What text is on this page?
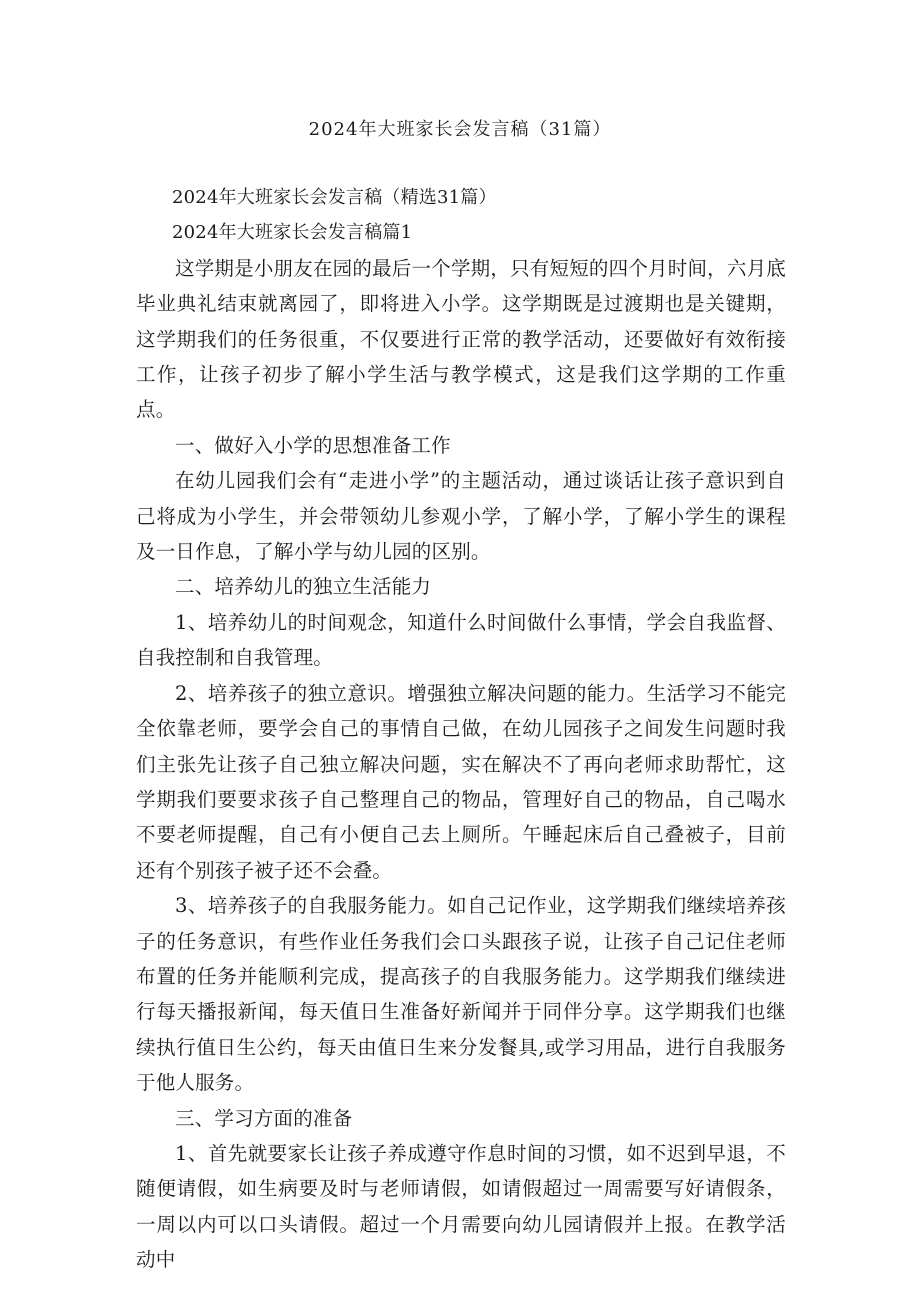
2024年大班家长会发言稿（31篇）

2024年大班家长会发言稿（精选31篇）

2024年大班家长会发言稿篇1

这学期是小朋友在园的最后一个学期，只有短短的四个月时间，六月底毕业典礼结束就离园了，即将进入小学。这学期既是过渡期也是关键期，这学期我们的任务很重，不仅要进行正常的教学活动，还要做好有效衔接工作，让孩子初步了解小学生活与教学模式，这是我们这学期的工作重点。

一、做好入小学的思想准备工作

在幼儿园我们会有“走进小学”的主题活动，通过谈话让孩子意识到自己将成为小学生，并会带领幼儿参观小学，了解小学，了解小学生的课程及一日作息，了解小学与幼儿园的区别。

二、培养幼儿的独立生活能力

1、培养幼儿的时间观念，知道什么时间做什么事情，学会自我监督、自我控制和自我管理。

2、培养孩子的独立意识。增强独立解决问题的能力。生活学习不能完全依靠老师，要学会自己的事情自己做，在幼儿园孩子之间发生问题时我们主张先让孩子自己独立解决问题，实在解决不了再向老师求助帮忙，这学期我们要要求孩子自己整理自己的物品，管理好自己的物品，自己喝水不要老师提醒，自己有小便自己去上厕所。午睡起床后自己叠被子，目前还有个别孩子被子还不会叠。

3、培养孩子的自我服务能力。如自己记作业，这学期我们继续培养孩子的任务意识，有些作业任务我们会口头跟孩子说，让孩子自己记住老师布置的任务并能顺利完成，提高孩子的自我服务能力。这学期我们继续进行每天播报新闻，每天值日生准备好新闻并于同伴分享。这学期我们也继续执行值日生公约，每天由值日生来分发餐具,或学习用品，进行自我服务于他人服务。

三、学习方面的准备

1、首先就要家长让孩子养成遵守作息时间的习惯，如不迟到早退，不随便请假，如生病要及时与老师请假，如请假超过一周需要写好请假条，一周以内可以口头请假。超过一个月需要向幼儿园请假并上报。在教学活动中
